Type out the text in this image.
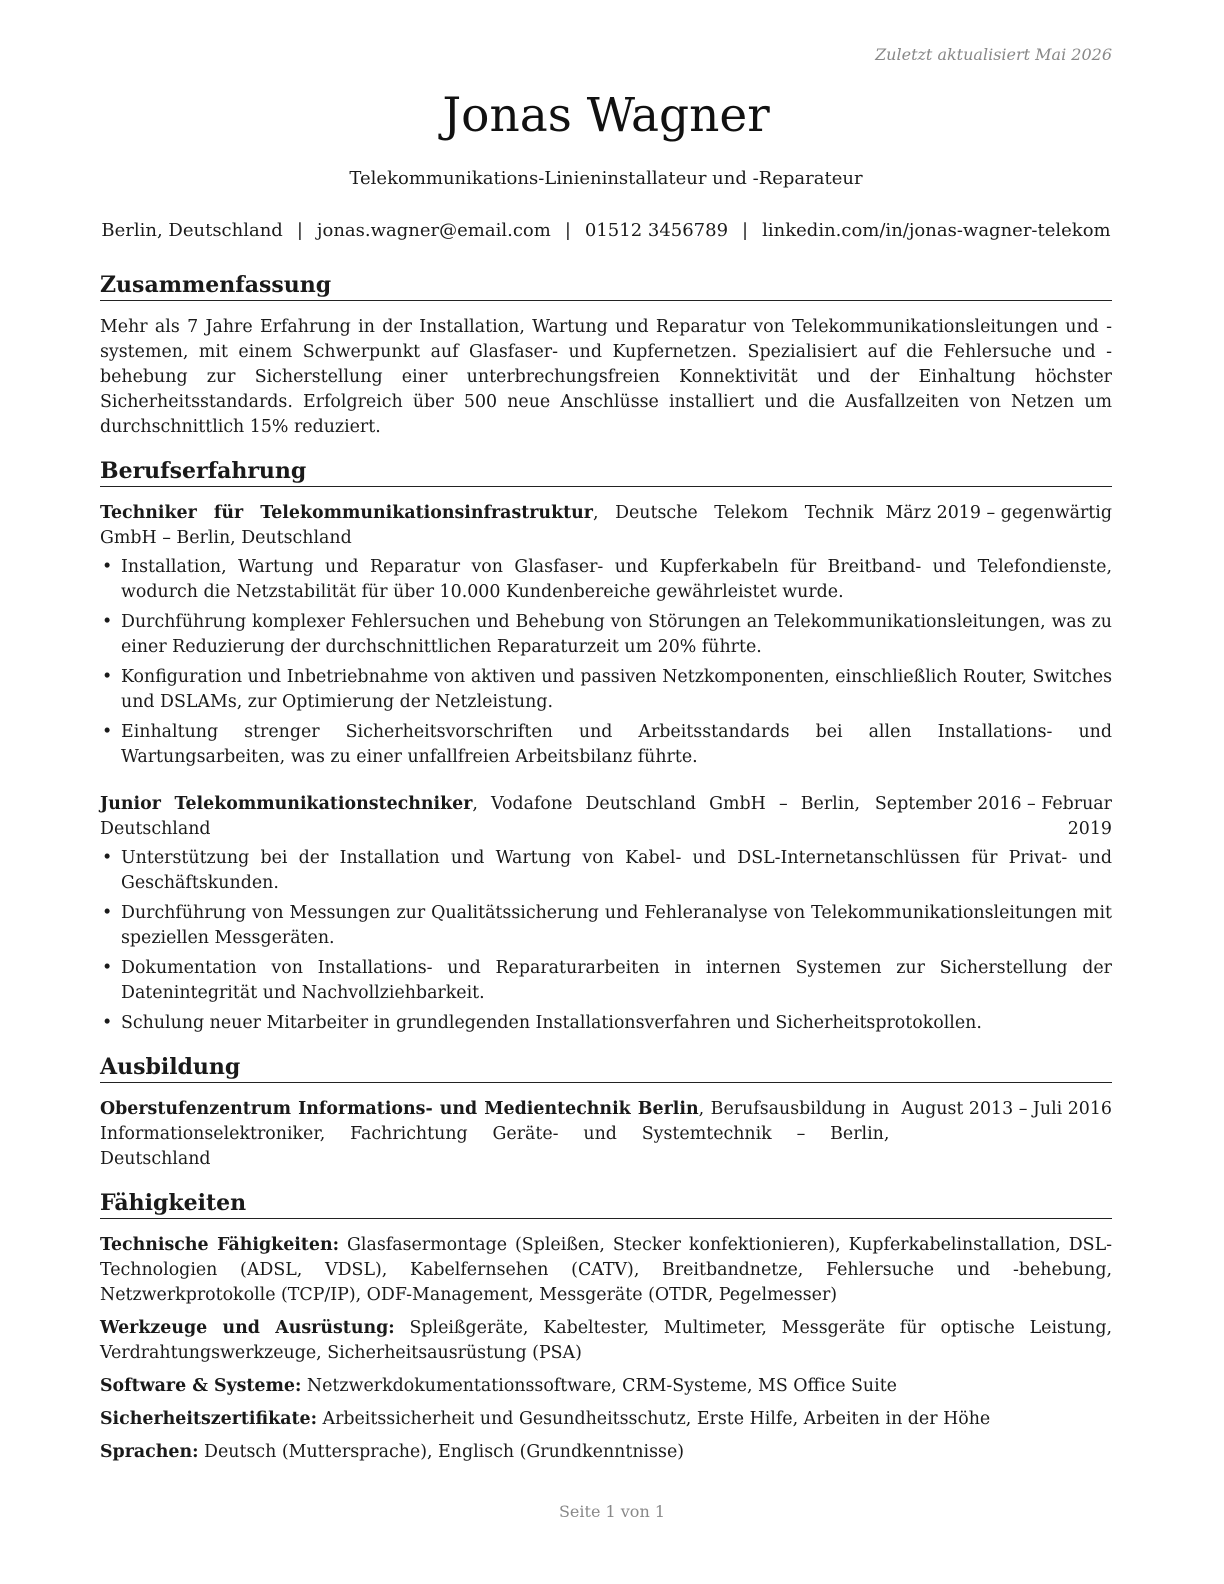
Zuletzt aktualisiert Mai 2026
Jonas Wagner
Telekommunikations-Linieninstallateur und -Reparateur
Berlin, Deutschland | jonas.wagner@email.com | 01512 3456789 | linkedin.com/in/jonas-wagner-telekom
Zusammenfassung

Mehr als 7 Jahre Erfahrung in der Installation, Wartung und Reparatur von Telekommunikationsleitungen und -systemen, mit einem Schwerpunkt auf Glasfaser- und Kupfernetzen. Spezialisiert auf die Fehlersuche und -behebung zur Sicherstellung einer unterbrechungsfreien Konnektivität und der Einhaltung höchster Sicherheitsstandards. Erfolgreich über 500 neue Anschlüsse installiert und die Ausfallzeiten von Netzen um durchschnittlich 15% reduziert.

Berufserfahrung
Techniker für Telekommunikationsinfrastruktur, Deutsche Telekom Technik GmbH – Berlin, Deutschland
März 2019 – gegenwärtig
• Installation, Wartung und Reparatur von Glasfaser- und Kupferkabeln für Breitband- und Telefondienste, wodurch die Netzstabilität für über 10.000 Kundenbereiche gewährleistet wurde.
• Durchführung komplexer Fehlersuchen und Behebung von Störungen an Telekommunikationsleitungen, was zu einer Reduzierung der durchschnittlichen Reparaturzeit um 20% führte.
• Konfiguration und Inbetriebnahme von aktiven und passiven Netzkomponenten, einschließlich Router, Switches und DSLAMs, zur Optimierung der Netzleistung.
• Einhaltung strenger Sicherheitsvorschriften und Arbeitsstandards bei allen Installations- und Wartungsarbeiten, was zu einer unfallfreien Arbeitsbilanz führte.
Junior Telekommunikationstechniker, Vodafone Deutschland GmbH – Berlin, Deutschland
September 2016 – Februar 2019
• Unterstützung bei der Installation und Wartung von Kabel- und DSL-Internetanschlüssen für Privat- und Geschäftskunden.
• Durchführung von Messungen zur Qualitätssicherung und Fehleranalyse von Telekommunikationsleitungen mit speziellen Messgeräten.
• Dokumentation von Installations- und Reparaturarbeiten in internen Systemen zur Sicherstellung der Datenintegrität und Nachvollziehbarkeit.
• Schulung neuer Mitarbeiter in grundlegenden Installationsverfahren und Sicherheitsprotokollen.
Ausbildung
Oberstufenzentrum Informations- und Medientechnik Berlin, Berufsausbildung in Informationselektroniker, Fachrichtung Geräte- und Systemtechnik – Berlin, Deutschland
August 2013 – Juli 2016
Fähigkeiten

Technische Fähigkeiten: Glasfasermontage (Spleißen, Stecker konfektionieren), Kupferkabelinstallation, DSL-Technologien (ADSL, VDSL), Kabelfernsehen (CATV), Breitbandnetze, Fehlersuche und -behebung, Netzwerkprotokolle (TCP/IP), ODF-Management, Messgeräte (OTDR, Pegelmesser)

Werkzeuge und Ausrüstung: Spleißgeräte, Kabeltester, Multimeter, Messgeräte für optische Leistung, Verdrahtungswerkzeuge, Sicherheitsausrüstung (PSA)

Software & Systeme: Netzwerkdokumentationssoftware, CRM-Systeme, MS Office Suite

Sicherheitszertifikate: Arbeitssicherheit und Gesundheitsschutz, Erste Hilfe, Arbeiten in der Höhe

Sprachen: Deutsch (Muttersprache), Englisch (Grundkenntnisse)

Seite 1 von 1
